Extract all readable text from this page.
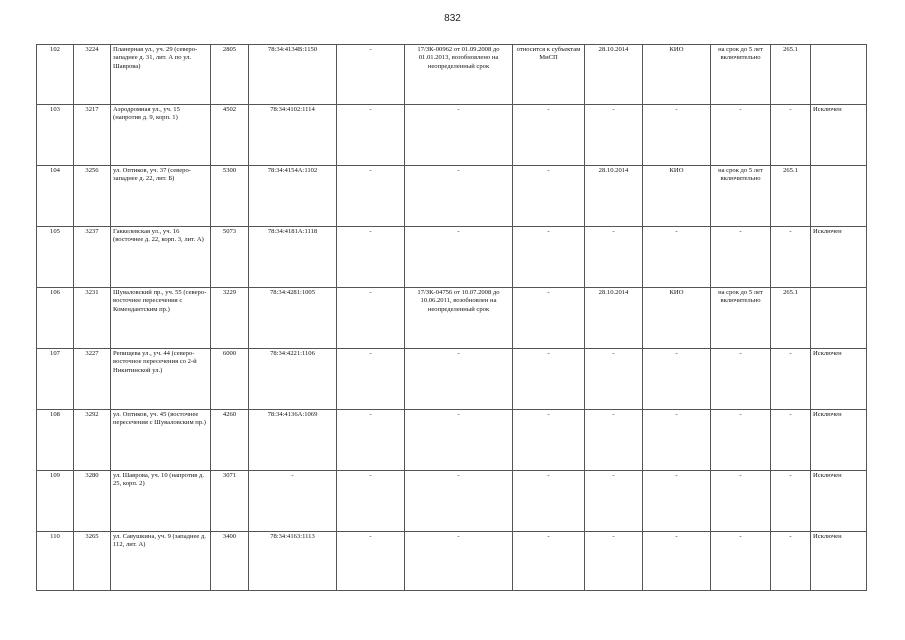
832
102	3224	Планерная ул., уч. 29 (северо-западнее д. 31, лит. А по ул. Шаврова)	2805	78:34:4134В:1150	-	17/ЗК-00962 от 01.09.2008 до 01.01.2013, возобновлено на неопределенный срок	относится к субъектам МиСП	28.10.2014	КИО	на срок до 5 лет включительно	265.1	
103	3217	Аэродромная ул., уч. 15 (напротив д. 9, корп. 1)	4502	78:34:4102:1114	-	-	-	-	-	-	-	Исключен
104	3256	ул. Оптиков, уч. 37 (северо-западнее д. 22, лит. Б)	5300	78:34:4154А:1102	-	-	-	28.10.2014	КИО	на срок до 5 лет включительно	265.1	
105	3237	Гаккелевская ул., уч. 16 (восточнее д. 22, корп. 3, лит. А)	5073	78:34:4181А:1118	-	-	-	-	-	-	-	Исключен
106	3231	Шуваловский пр., уч. 55 (северо-восточнее пересечения с Комендантским пр.)	3229	78:34:4281:1005	-	17/ЗК-04756 от 10.07.2008 до 10.06.2011, возобновлен на неопределенный срок	-	28.10.2014	КИО	на срок до 5 лет включительно	265.1	
107	3227	Репищева ул., уч. 44 (северо-восточное пересечения со 2-й Никитинской ул.)	6000	78:34:4221:1106	-	-	-	-	-	-	-	Исключен
108	3292	ул. Оптиков, уч. 45 (восточнее пересечения с Шуваловским пр.)	4260	78:34:4136А:1069	-	-	-	-	-	-	-	Исключен
109	3280	ул. Шаврова, уч. 10 (напротив д. 25, корп. 2)	3071	-	-	-	-	-	-	-	-	Исключен
110	3265	ул. Савушкина, уч. 9 (западнее д. 112, лит. А)	3400	78:34:4163:1113	-	-	-	-	-	-	-	Исключен
